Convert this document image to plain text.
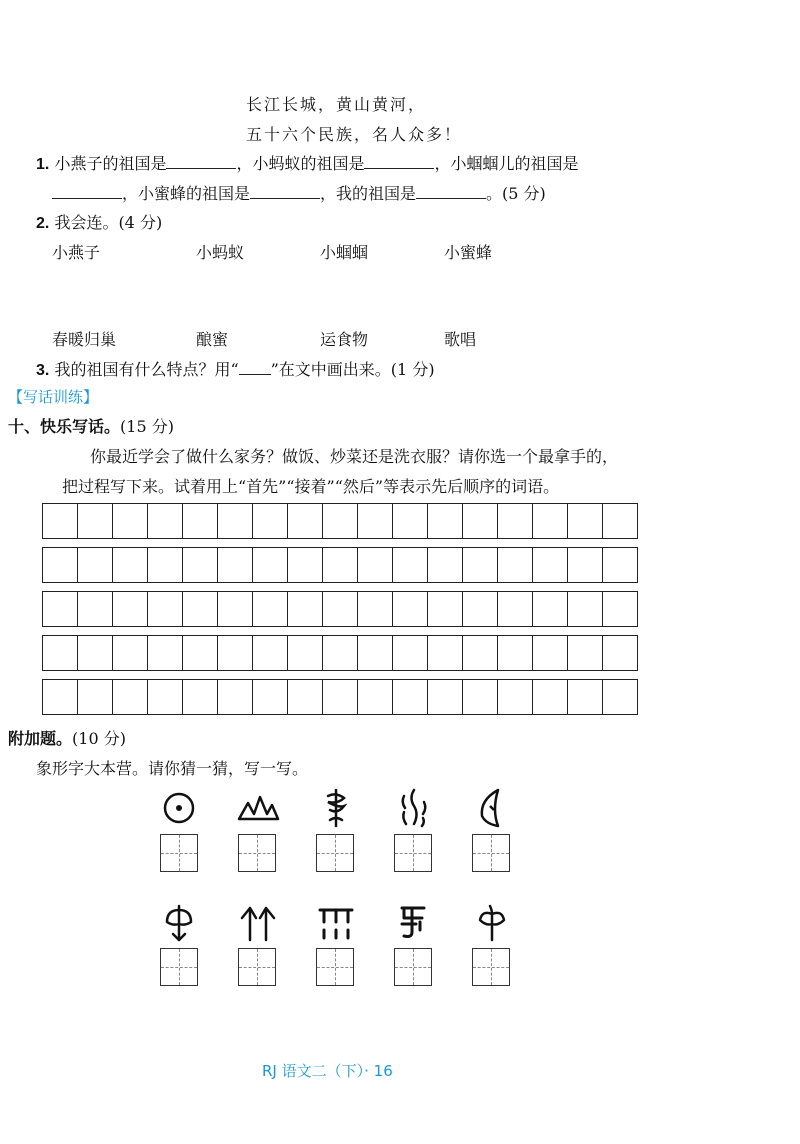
长江长城，黄山黄河，
五十六个民族，名人众多！
1. 小燕子的祖国是	，小蚂蚁的祖国是	，小蝈蝈儿的祖国是
，小蜜蜂的祖国是	，我的祖国是	。(5 分)
2. 我会连。(4 分)
小燕子	小蚂蚁	小蝈蝈	小蜜蜂
春暖归巢	酿蜜	运食物	歌唱
3. 我的祖国有什么特点？用“ ”在文中画出来。(1 分)
【写话训练】
十、快乐写话。(15 分)
你最近学会了做什么家务？做饭、炒菜还是洗衣服？请你选一个最拿手的，
把过程写下来。试着用上“首先”“接着”“然后”等表示先后顺序的词语。
附加题。(10 分)
象形字大本营。请你猜一猜，写一写。
RJ 语文二（下）· 16
